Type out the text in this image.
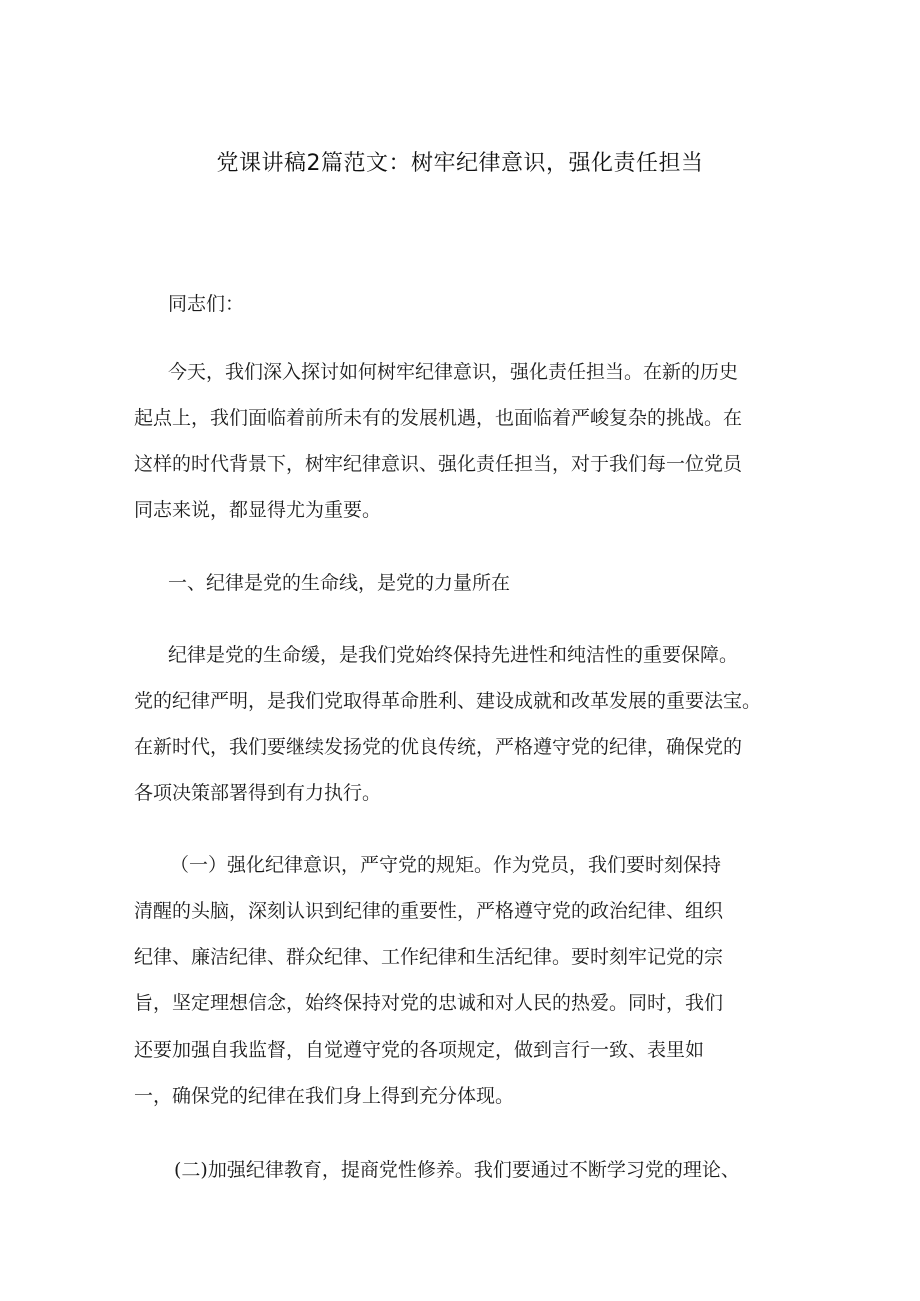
党课讲稿2篇范文：树牢纪律意识，强化责任担当
同志们：
今天，我们深入探讨如何树牢纪律意识，强化责任担当。在新的历史
起点上，我们面临着前所未有的发展机遇，也面临着严峻复杂的挑战。在
这样的时代背景下，树牢纪律意识、强化责任担当，对于我们每一位党员
同志来说，都显得尤为重要。
一、纪律是党的生命线，是党的力量所在
纪律是党的生命缓，是我们党始终保持先进性和纯洁性的重要保障。
党的纪律严明，是我们党取得革命胜利、建设成就和改革发展的重要法宝。
在新时代，我们要继续发扬党的优良传统，严格遵守党的纪律，确保党的
各项决策部署得到有力执行。
（一）强化纪律意识，严守党的规矩。作为党员，我们要时刻保持
清醒的头脑，深刻认识到纪律的重要性，严格遵守党的政治纪律、组织
纪律、廉洁纪律、群众纪律、工作纪律和生活纪律。要时刻牢记党的宗
旨，坚定理想信念，始终保持对党的忠诚和对人民的热爱。同时，我们
还要加强自我监督，自觉遵守党的各项规定，做到言行一致、表里如
一，确保党的纪律在我们身上得到充分体现。
(二)加强纪律教育，提商党性修养。我们要通过不断学习党的理论、
